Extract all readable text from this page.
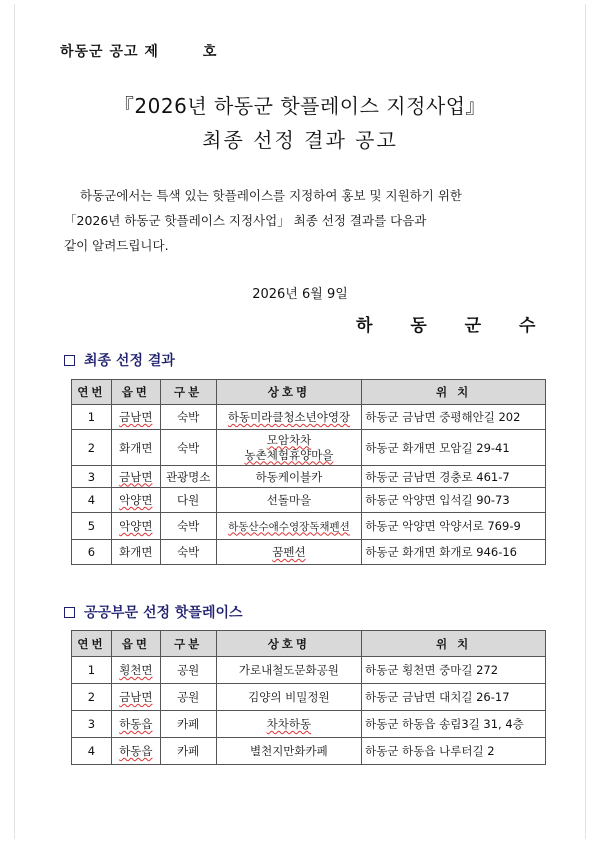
하동군 공고 제	호
『2026년 하동군 핫플레이스 지정사업』
최종 선정 결과 공고

하동군에서는 특색 있는 핫플레이스를 지정하여 홍보 및 지원하기 위한

「2026년 하동군 핫플레이스 지정사업」 최종 선정 결과를 다음과

같이 알려드립니다.

2026년 6월 9일
하 동 군 수
최종 선정 결과
연번	읍면	구분	상호명	위 치
1	금남면	숙박	하동미라클청소년야영장	하동군 금남면 중평해안길 202
2	화개면	숙박	모암차차
농촌체험휴양마을	하동군 화개면 모암길 29-41
3	금남면	관광명소	하동케이블카	하동군 금남면 경충로 461-7
4	악양면	다원	선돌마을	하동군 악양면 입석길 90-73
5	악양면	숙박	하동산수애수영장독채펜션	하동군 악양면 악양서로 769-9
6	화개면	숙박	꿈펜션	하동군 화개면 화개로 946-16
공공부문 선정 핫플레이스
연번	읍면	구분	상호명	위 치
1	횡천면	공원	가로내철도문화공원	하동군 횡천면 중마길 272
2	금남면	공원	김양의 비밀정원	하동군 금남면 대치길 26-17
3	하동읍	카페	차차하동	하동군 하동읍 송림3길 31, 4층
4	하동읍	카페	별천지만화카페	하동군 하동읍 나루터길 2
